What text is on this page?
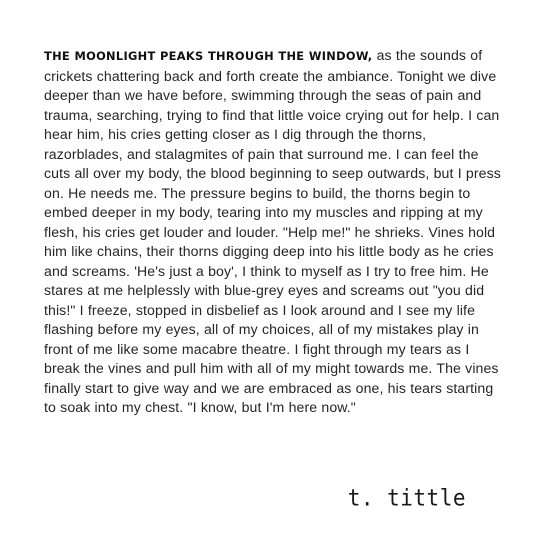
THE MOONLIGHT PEAKS THROUGH THE WINDOW, as the sounds of crickets chattering back and forth create the ambiance. Tonight we dive deeper than we have before, swimming through the seas of pain and trauma, searching, trying to find that little voice crying out for help. I can hear him, his cries getting closer as I dig through the thorns, razorblades, and stalagmites of pain that surround me. I can feel the cuts all over my body, the blood beginning to seep outwards, but I press on. He needs me. The pressure begins to build, the thorns begin to embed deeper in my body, tearing into my muscles and ripping at my flesh, his cries get louder and louder. "Help me!" he shrieks. Vines hold him like chains, their thorns digging deep into his little body as he cries and screams. 'He's just a boy', I think to myself as I try to free him. He stares at me helplessly with blue-grey eyes and screams out "you did this!" I freeze, stopped in disbelief as I look around and I see my life flashing before my eyes, all of my choices, all of my mistakes play in front of me like some macabre theatre. I fight through my tears as I break the vines and pull him with all of my might towards me. The vines finally start to give way and we are embraced as one, his tears starting to soak into my chest. "I know, but I'm here now."

t. tittle
